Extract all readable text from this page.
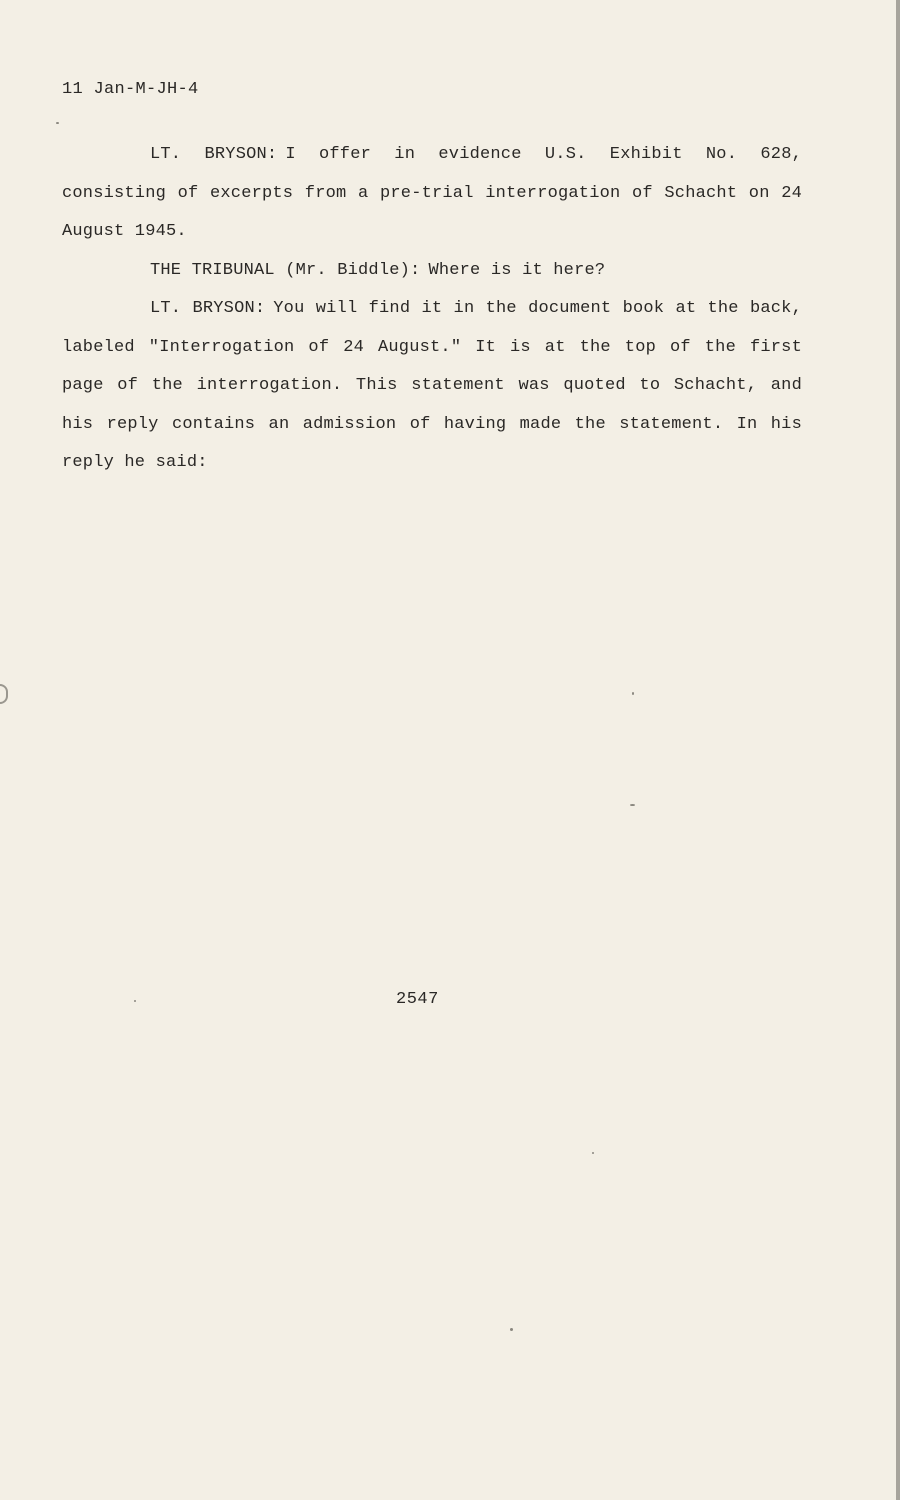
11 Jan-M-JH-4

LT. BRYSON: I offer in evidence U.S. Exhibit No. 628, consisting of excerpts from a pre-trial interrogation of Schacht on 24 August 1945.

THE TRIBUNAL (Mr. Biddle): Where is it here?

LT. BRYSON: You will find it in the document book at the back, labeled "Interrogation of 24 August." It is at the top of the first page of the interrogation. This statement was quoted to Schacht, and his reply contains an admission of having made the statement. In his reply he said:

2547
